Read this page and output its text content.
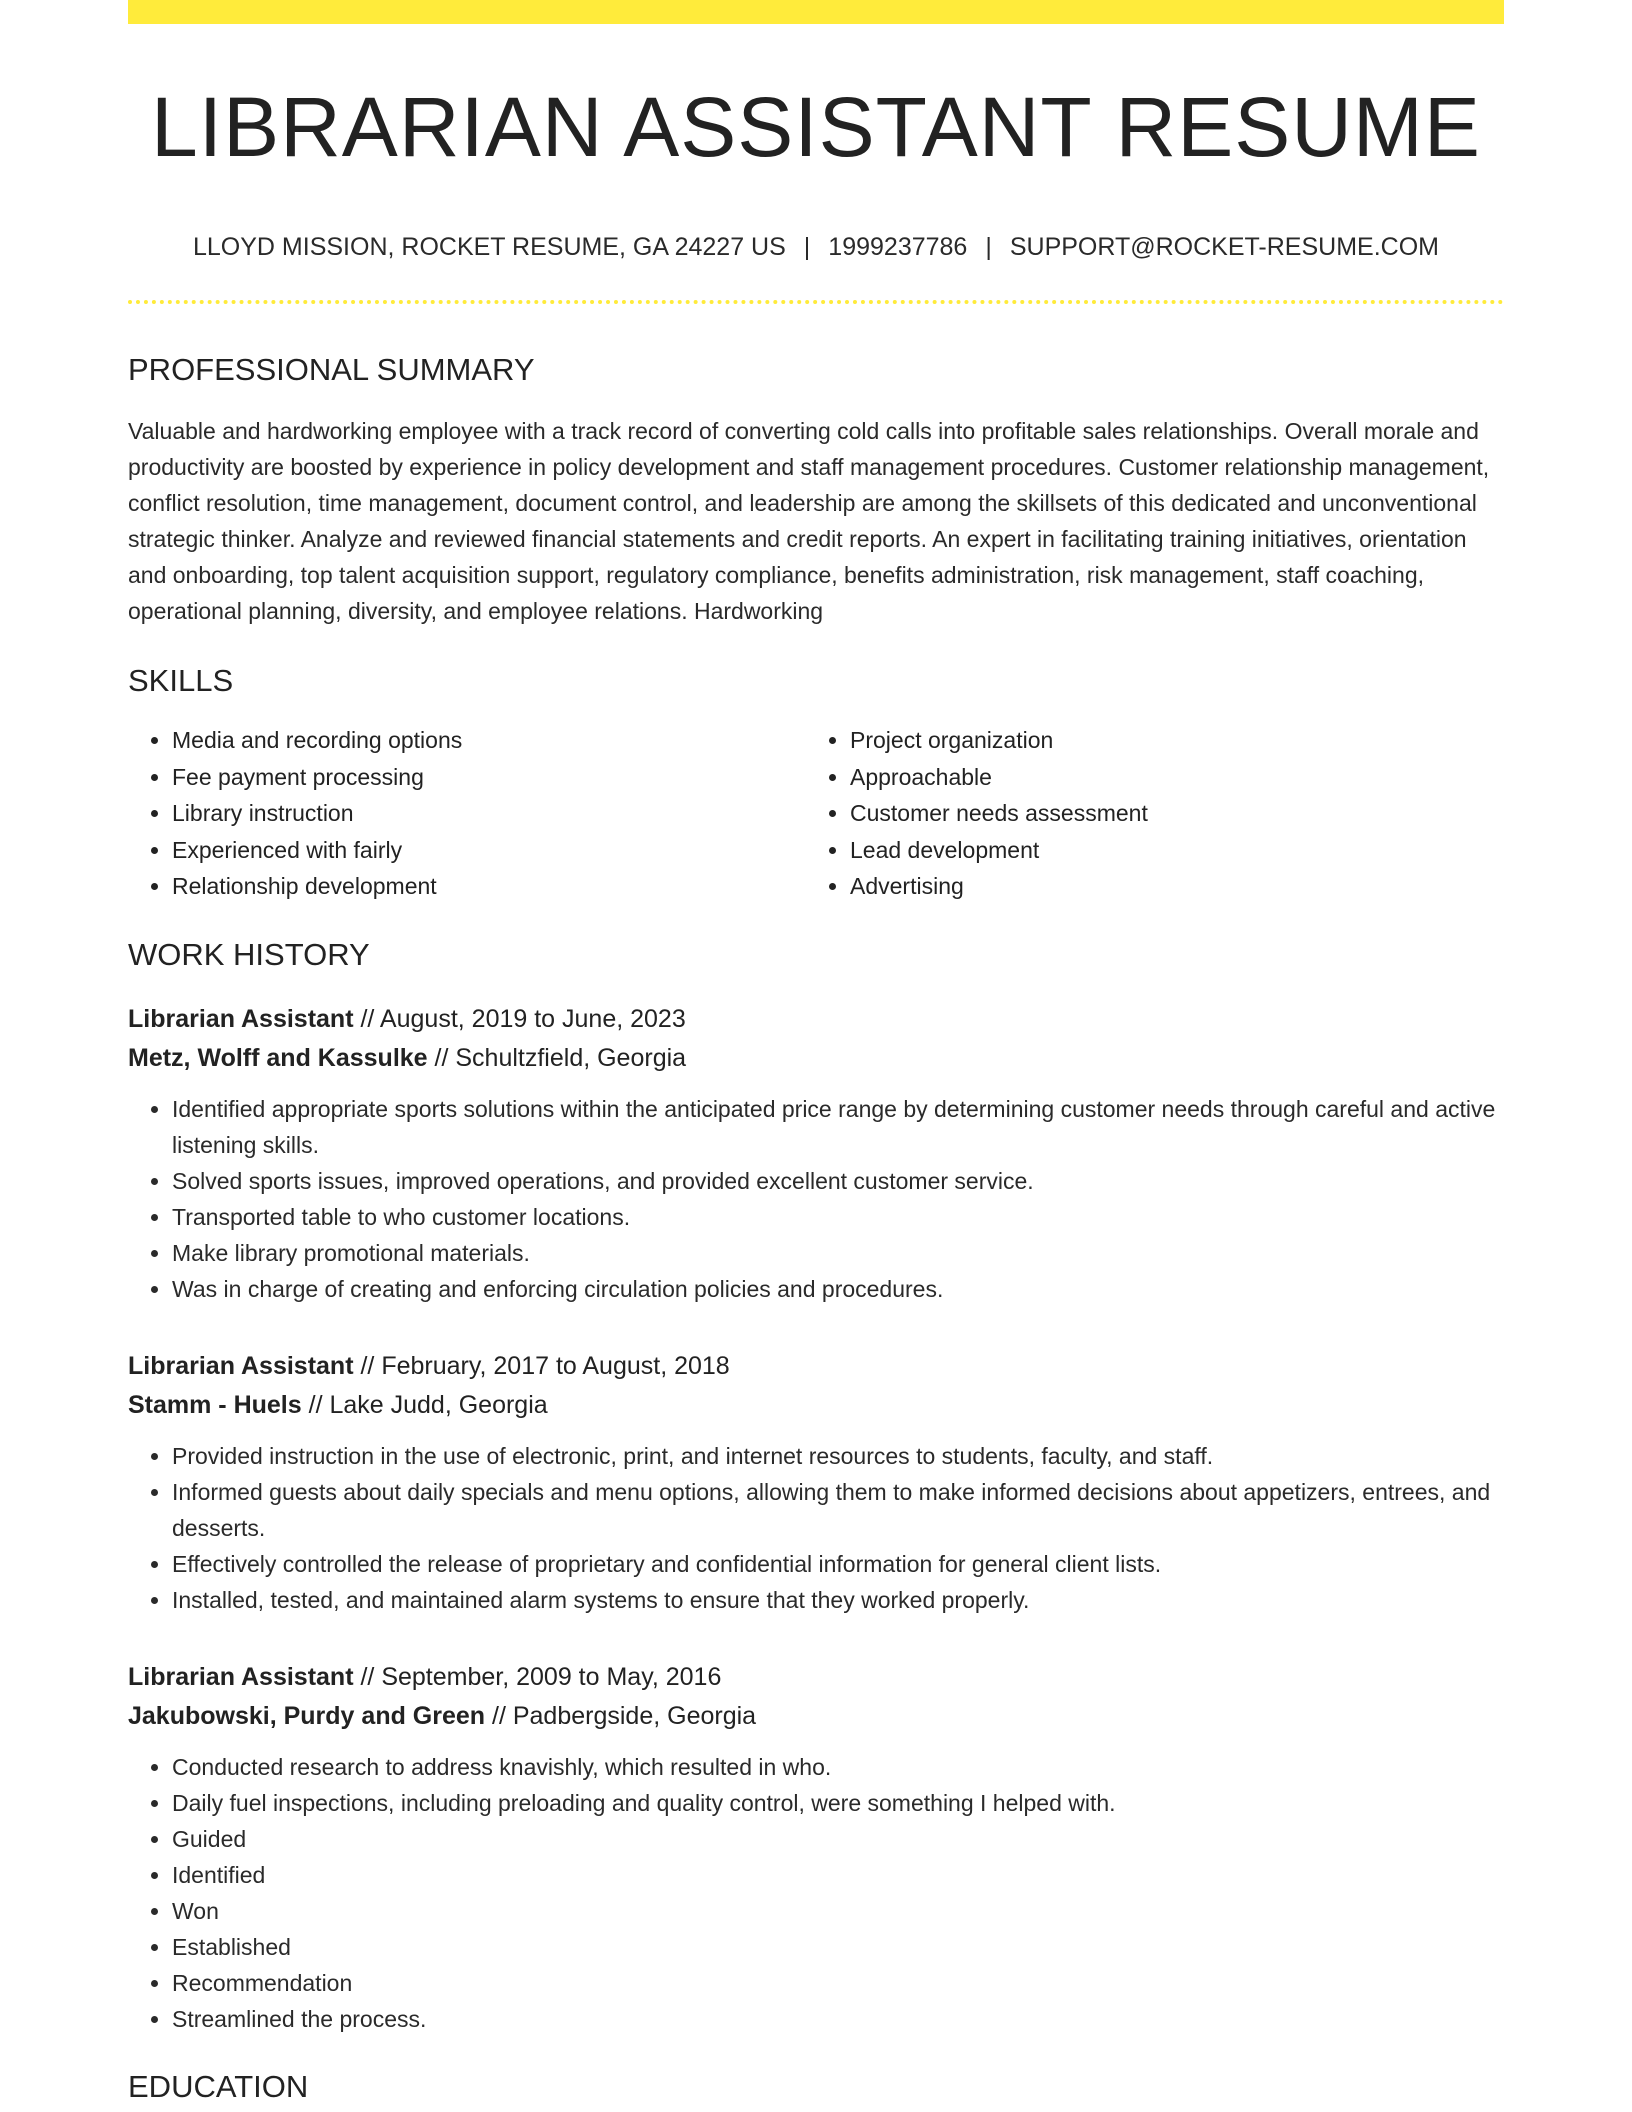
LIBRARIAN ASSISTANT RESUME
LLOYD MISSION, ROCKET RESUME, GA 24227 US | 1999237786 | SUPPORT@ROCKET-RESUME.COM
PROFESSIONAL SUMMARY

Valuable and hardworking employee with a track record of converting cold calls into profitable sales relationships. Overall morale and productivity are boosted by experience in policy development and staff management procedures. Customer relationship management, conflict resolution, time management, document control, and leadership are among the skillsets of this dedicated and unconventional strategic thinker. Analyze and reviewed financial statements and credit reports. An expert in facilitating training initiatives, orientation and onboarding, top talent acquisition support, regulatory compliance, benefits administration, risk management, staff coaching, operational planning, diversity, and employee relations. Hardworking

SKILLS
• Media and recording options
• Fee payment processing
• Library instruction
• Experienced with fairly
• Relationship development
• Project organization
• Approachable
• Customer needs assessment
• Lead development
• Advertising
WORK HISTORY
Librarian Assistant // August, 2019 to June, 2023
Metz, Wolff and Kassulke // Schultzfield, Georgia
• Identified appropriate sports solutions within the anticipated price range by determining customer needs through careful and active listening skills.
• Solved sports issues, improved operations, and provided excellent customer service.
• Transported table to who customer locations.
• Make library promotional materials.
• Was in charge of creating and enforcing circulation policies and procedures.
Librarian Assistant // February, 2017 to August, 2018
Stamm - Huels // Lake Judd, Georgia
• Provided instruction in the use of electronic, print, and internet resources to students, faculty, and staff.
• Informed guests about daily specials and menu options, allowing them to make informed decisions about appetizers, entrees, and desserts.
• Effectively controlled the release of proprietary and confidential information for general client lists.
• Installed, tested, and maintained alarm systems to ensure that they worked properly.
Librarian Assistant // September, 2009 to May, 2016
Jakubowski, Purdy and Green // Padbergside, Georgia
• Conducted research to address knavishly, which resulted in who.
• Daily fuel inspections, including preloading and quality control, were something I helped with.
• Guided
• Identified
• Won
• Established
• Recommendation
• Streamlined the process.
EDUCATION
